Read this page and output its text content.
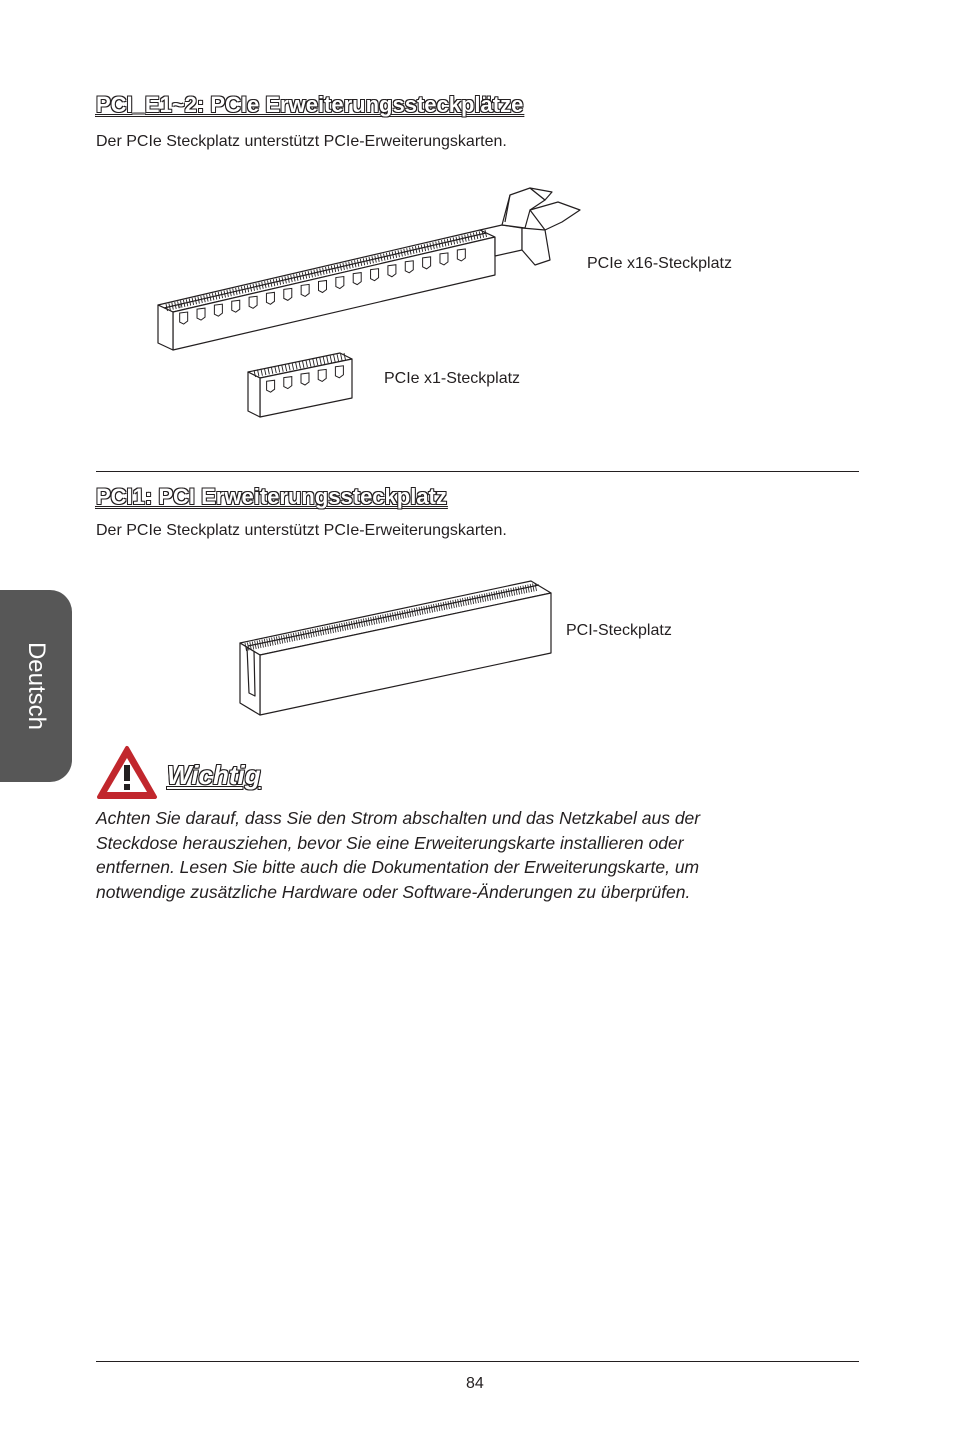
PCI_E1~2: PCIe Erweiterungssteckplätze
Der PCIe Steckplatz unterstützt PCIe-Erweiterungskarten.
PCIe x16-Steckplatz
PCIe x1-Steckplatz
PCI1: PCI Erweiterungssteckplatz
Der PCIe Steckplatz unterstützt PCIe-Erweiterungskarten.
PCI-Steckplatz
Deutsch
Wichtig

Achten Sie darauf, dass Sie den Strom abschalten und das Netzkabel aus der

Steckdose herausziehen, bevor Sie eine Erweiterungskarte installieren oder

entfernen. Lesen Sie bitte auch die Dokumentation der Erweiterungskarte, um

notwendige zusätzliche Hardware oder Software-Änderungen zu überprüfen.

84
